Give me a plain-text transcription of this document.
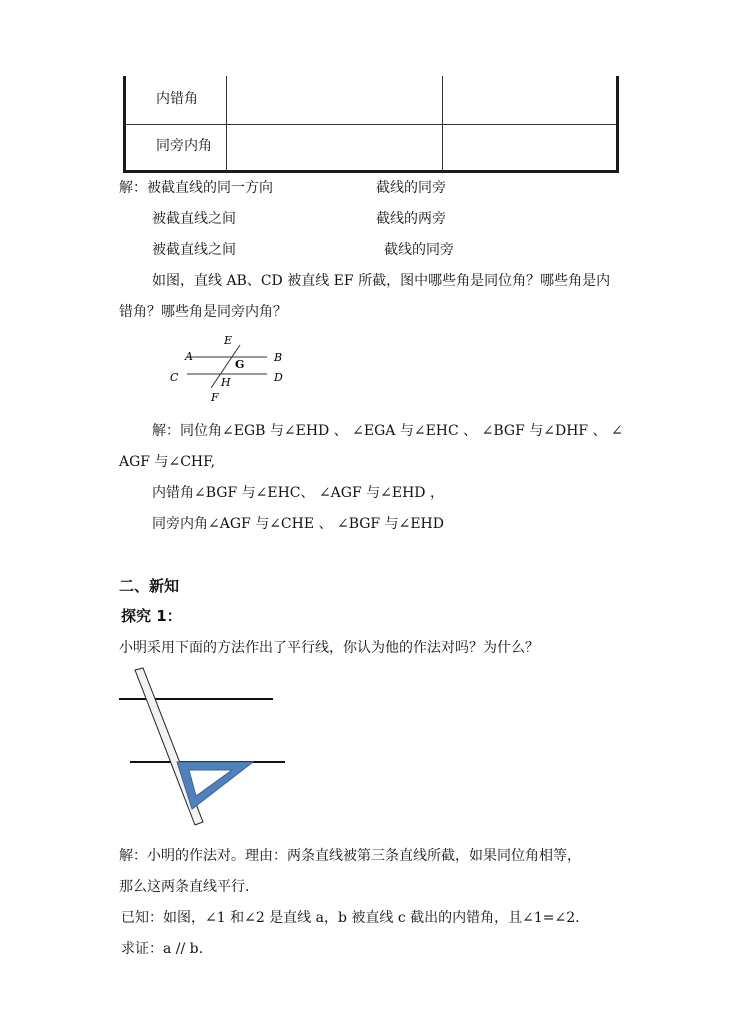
内错角
同旁内角
解：被截直线的同一方向	截线的同旁
被截直线之间	截线的两旁
被截直线之间	截线的同旁
如图，直线 AB、CD 被直线 EF 所截，图中哪些角是同位角？哪些角是内
错角？哪些角是同旁内角？
E
A	B
G
C	H	D
F
解：同位角∠EGB 与∠EHD 、 ∠EGA 与∠EHC 、 ∠BGF 与∠DHF 、 ∠
AGF 与∠CHF,
内错角∠BGF 与∠EHC、 ∠AGF 与∠EHD ，
同旁内角∠AGF 与∠CHE 、 ∠BGF 与∠EHD
二、新知
探究 1：
小明采用下面的方法作出了平行线，你认为他的作法对吗？为什么？
解：小明的作法对。理由：两条直线被第三条直线所截，如果同位角相等，
那么这两条直线平行.
已知：如图，∠1 和∠2 是直线 a，b 被直线 c 截出的内错角，且∠1=∠2.
求证：a // b.
